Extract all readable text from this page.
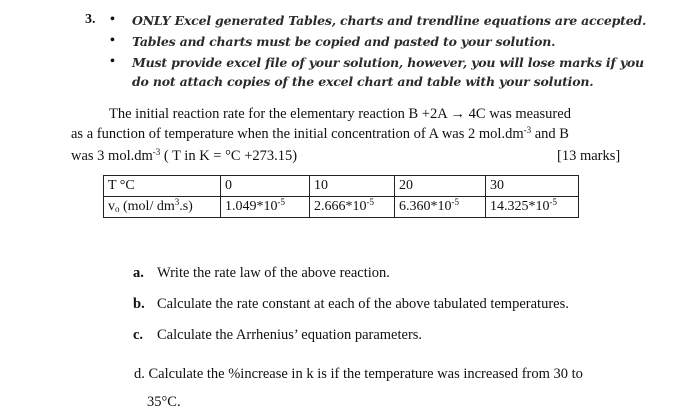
3. • ONLY Excel generated Tables, charts and trendline equations are accepted.
• Tables and charts must be copied and pasted to your solution.
• Must provide excel file of your solution, however, you will lose marks if you
do not attach copies of the excel chart and table with your solution.
The initial reaction rate for the elementary reaction B +2A → 4C was measured
as a function of temperature when the initial concentration of A was 2 $mol.dm^{-3}$ and B
was 3 $mol.dm^{-3}$ ( T in K = °C +273.15)	[13 marks]
T °C	0	10	20	30
$v_o$ (mol/ $dm^3.s$)	$1.049*10^{-5}$	$2.666*10^{-5}$	$6.360*10^{-5}$	$14.325*10^{-5}$
a. Write the rate law of the above reaction.
b. Calculate the rate constant at each of the above tabulated temperatures.
c. Calculate the Arrhenius’ equation parameters.
d. Calculate the %increase in k is if the temperature was increased from 30 to
35°C.
